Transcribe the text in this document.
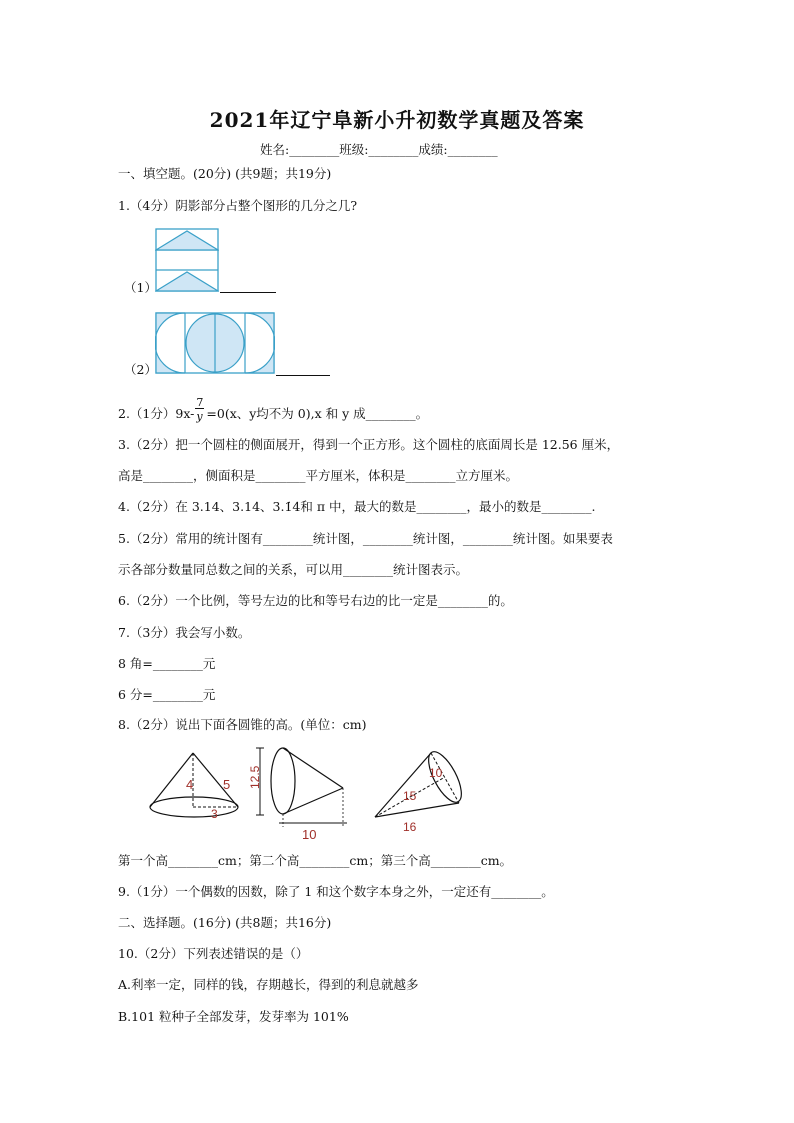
2021年辽宁阜新小升初数学真题及答案
姓名:________班级:________成绩:________
一、填空题。(20分) (共9题；共19分)
1.（4分）阴影部分占整个图形的几分之几?
（1）
（2）
2.（1分）$9x- \frac{7}{y} =0(x$、y均不为 0),x 和 y 成________。
3.（2分）把一个圆柱的侧面展开，得到一个正方形。这个圆柱的底面周长是 12.56 厘米，
高是________，侧面积是________平方厘米，体积是________立方厘米。
4.（2分）在 3.14、3.14̇、3.1̇4̇和 π 中，最大的数是________，最小的数是________.
5.（2分）常用的统计图有________统计图，________统计图，________统计图。如果要表
示各部分数量同总数之间的关系，可以用________统计图表示。
6.（2分）一个比例，等号左边的比和等号右边的比一定是________的。
7.（3分）我会写小数。
8 角=________元
6 分=________元
8.（2分）说出下面各圆锥的高。(单位：cm)
4 5
3
12.5
10
10
15
16
第一个高________cm；第二个高________cm；第三个高________cm。
9.（1分）一个偶数的因数，除了 1 和这个数字本身之外，一定还有________。
二、选择题。(16分) (共8题；共16分)
10.（2分）下列表述错误的是（）
A.利率一定，同样的钱，存期越长，得到的利息就越多
B.101 粒种子全部发芽，发芽率为 101%
